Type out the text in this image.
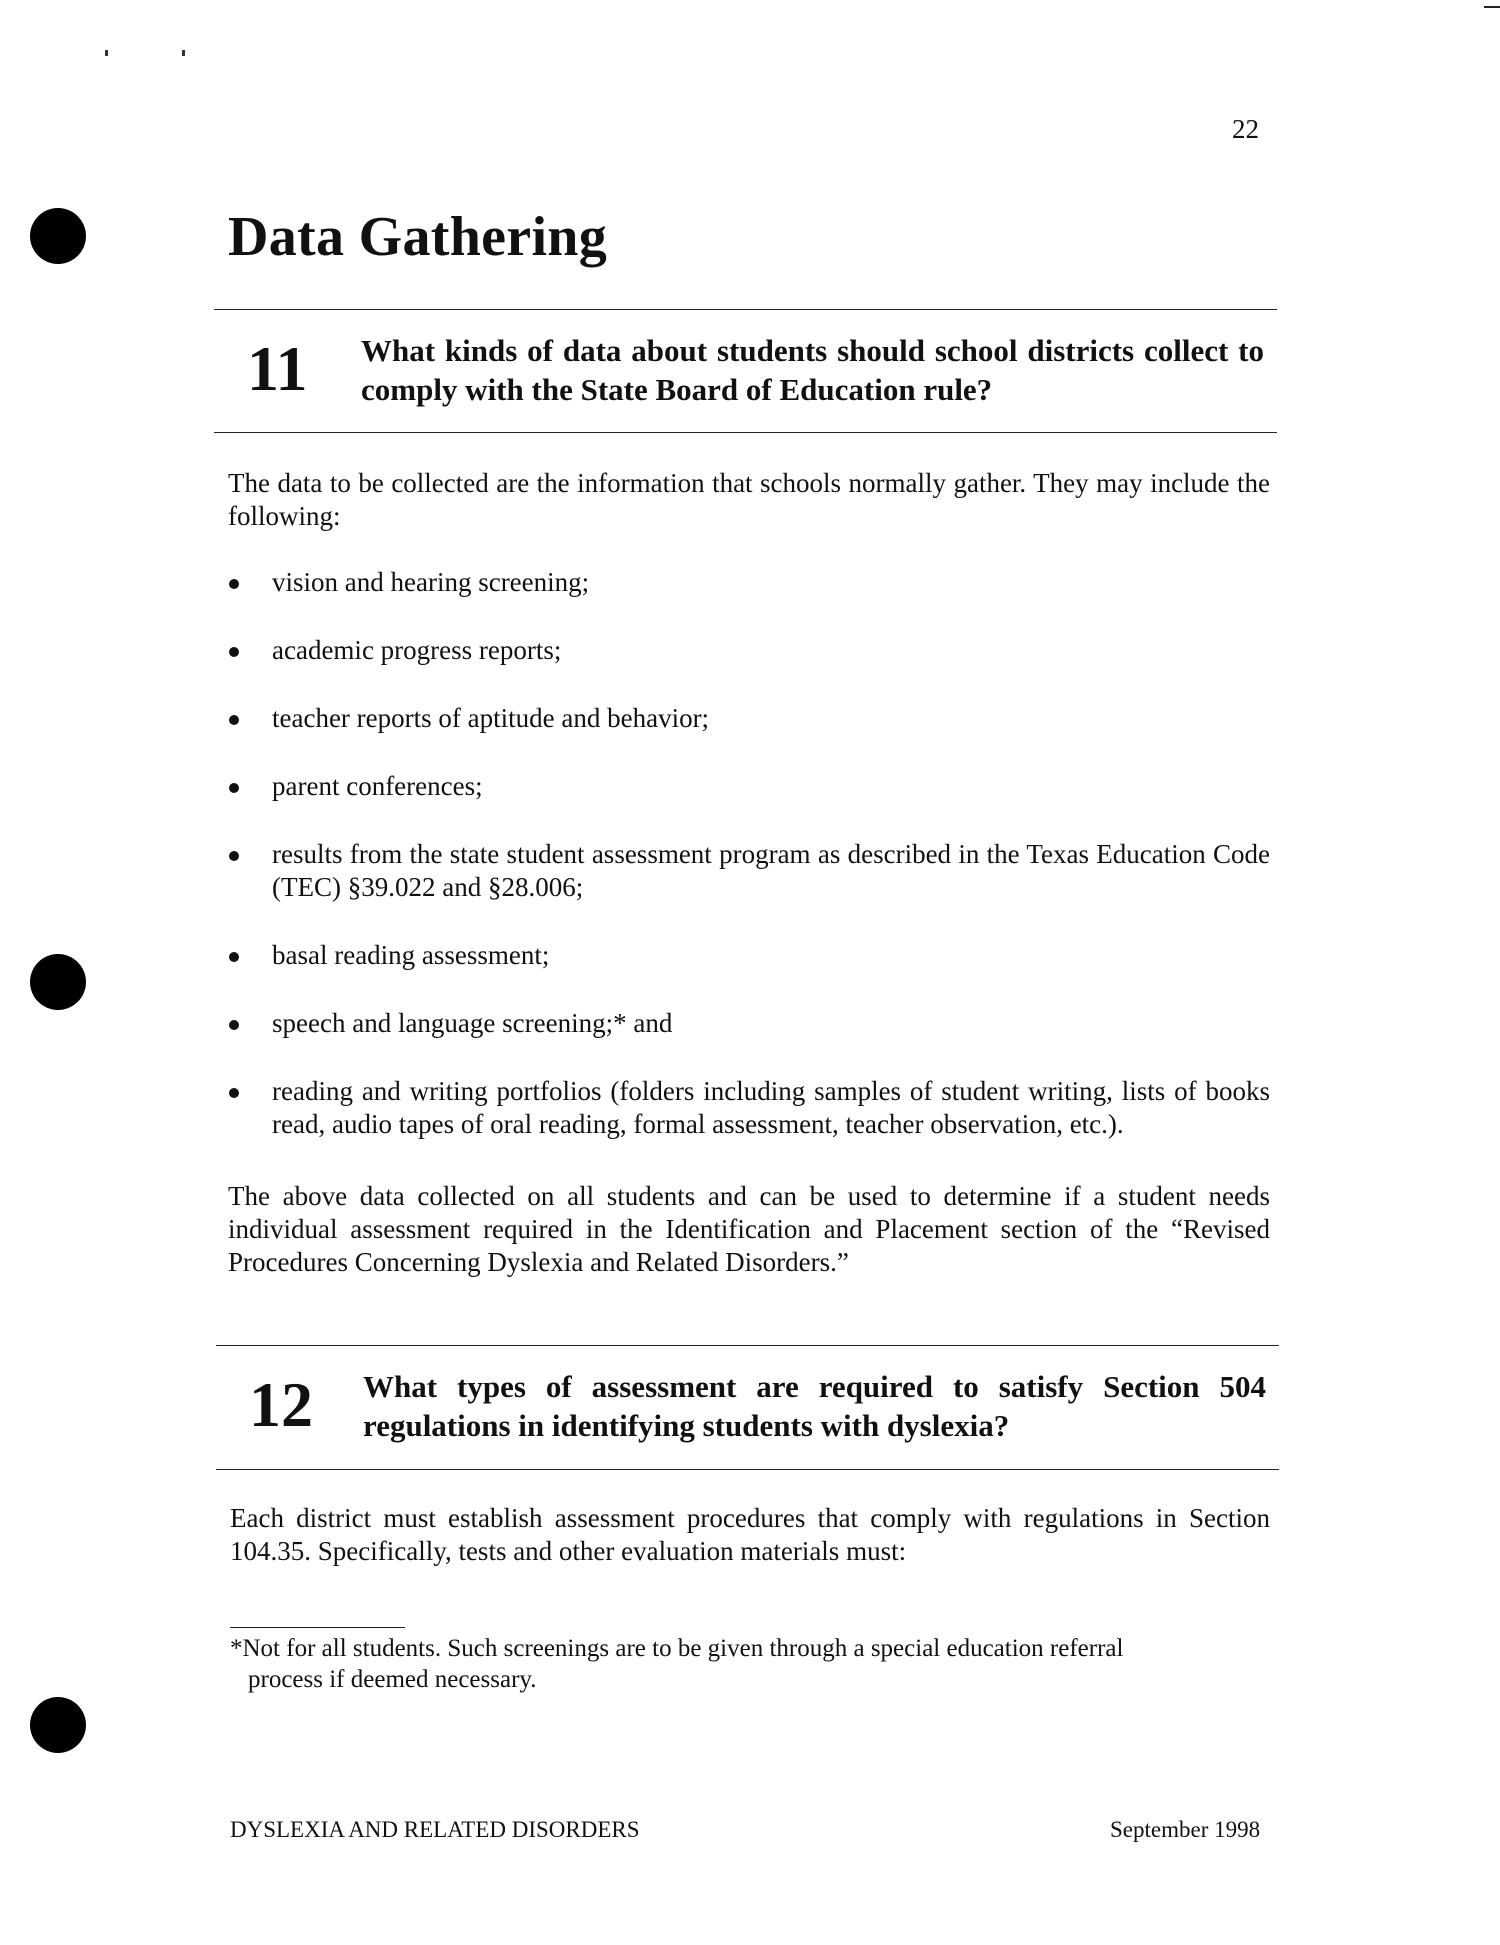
22
Data Gathering
11 What kinds of data about students should school districts collect to comply with the State Board of Education rule?

The data to be collected are the information that schools normally gather. They may include the following:

vision and hearing screening;
academic progress reports;
teacher reports of aptitude and behavior;
parent conferences;
results from the state student assessment program as described in the Texas Education Code (TEC) §39.022 and §28.006;
basal reading assessment;
speech and language screening;* and
reading and writing portfolios (folders including samples of student writing, lists of books read, audio tapes of oral reading, formal assessment, teacher observation, etc.).

The above data collected on all students and can be used to determine if a student needs individual assessment required in the Identification and Placement section of the “Revised Procedures Concerning Dyslexia and Related Disorders.”

12 What types of assessment are required to satisfy Section 504 regulations in identifying students with dyslexia?

Each district must establish assessment procedures that comply with regulations in Section 104.35. Specifically, tests and other evaluation materials must:

*Not for all students. Such screenings are to be given through a special education referral
process if deemed necessary.

DYSLEXIA AND RELATED DISORDERS	September 1998
